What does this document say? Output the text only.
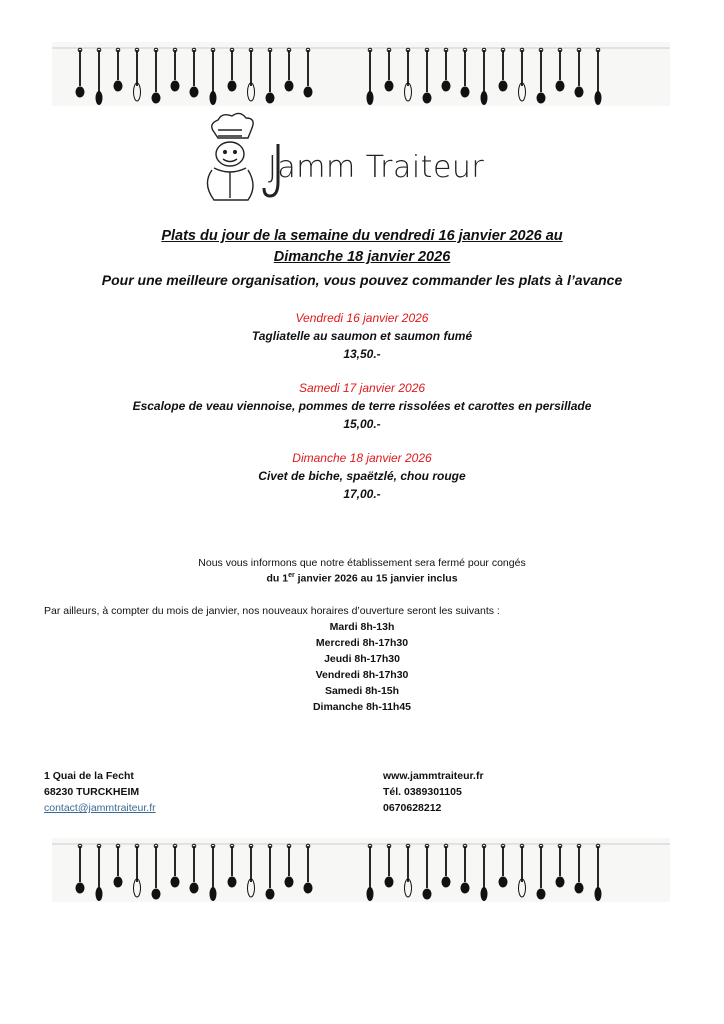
Jamm Traiteur
Plats du jour de la semaine du vendredi 16 janvier 2026 au
Dimanche 18 janvier 2026
Pour une meilleure organisation, vous pouvez commander les plats à l’avance
Vendredi 16 janvier 2026
Tagliatelle au saumon et saumon fumé
13,50.-
Samedi 17 janvier 2026
Escalope de veau viennoise, pommes de terre rissolées et carottes en persillade
15,00.-
Dimanche 18 janvier 2026
Civet de biche, spaëtzlé, chou rouge
17,00.-
Nous vous informons que notre établissement sera fermé pour congés
du 1er janvier 2026 au 15 janvier inclus
Par ailleurs, à compter du mois de janvier, nos nouveaux horaires d’ouverture seront les suivants :
Mardi 8h-13h
Mercredi 8h-17h30
Jeudi 8h-17h30
Vendredi 8h-17h30
Samedi 8h-15h
Dimanche 8h-11h45
1 Quai de la Fecht
68230 TURCKHEIM
contact@jammtraiteur.fr
www.jammtraiteur.fr
Tél. 0389301105
0670628212
